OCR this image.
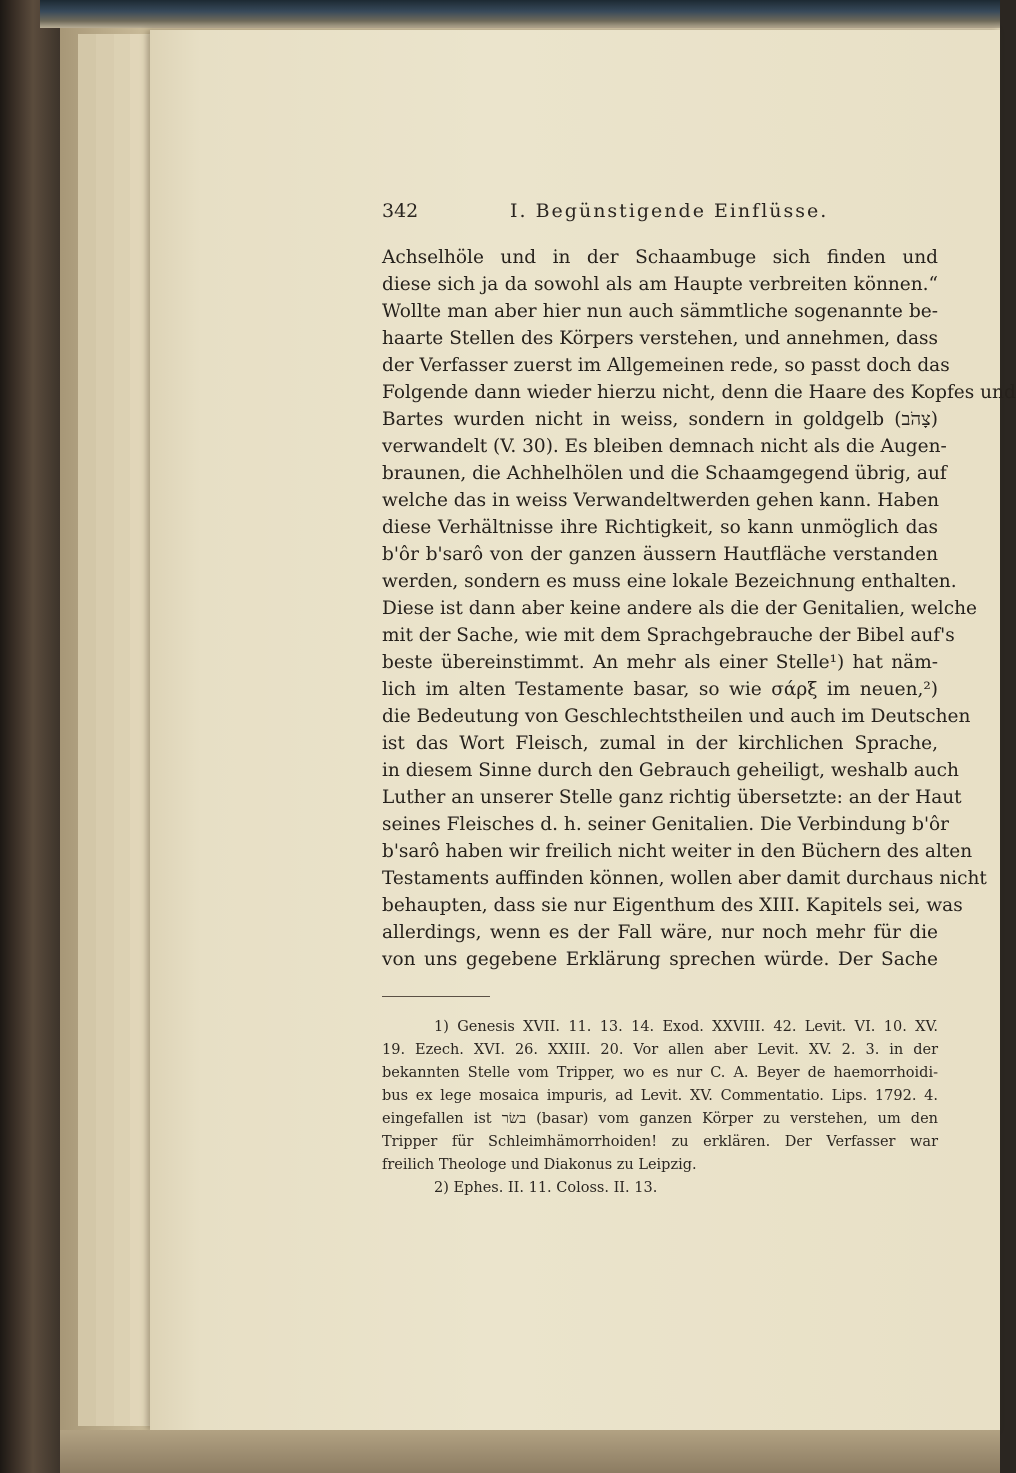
342	I. Begünstigende Einflüsse.
Achselhöle und in der Schaambuge sich finden und
diese sich ja da sowohl als am Haupte verbreiten können.“
Wollte man aber hier nun auch sämmtliche sogenannte be-
haarte Stellen des Körpers verstehen, und annehmen, dass
der Verfasser zuerst im Allgemeinen rede, so passt doch das
Folgende dann wieder hierzu nicht, denn die Haare des Kopfes und
Bartes wurden nicht in weiss, sondern in goldgelb (צָהֹב)
verwandelt (V. 30). Es bleiben demnach nicht als die Augen-
braunen, die Achhelhölen und die Schaamgegend übrig, auf
welche das in weiss Verwandeltwerden gehen kann. Haben
diese Verhältnisse ihre Richtigkeit, so kann unmöglich das
b'ôr b'sarô von der ganzen äussern Hautfläche verstanden
werden, sondern es muss eine lokale Bezeichnung enthalten.
Diese ist dann aber keine andere als die der Genitalien, welche
mit der Sache, wie mit dem Sprachgebrauche der Bibel auf's
beste übereinstimmt. An mehr als einer Stelle¹) hat näm-
lich im alten Testamente basar, so wie σάρξ im neuen,²)
die Bedeutung von Geschlechtstheilen und auch im Deutschen
ist das Wort Fleisch, zumal in der kirchlichen Sprache,
in diesem Sinne durch den Gebrauch geheiligt, weshalb auch
Luther an unserer Stelle ganz richtig übersetzte: an der Haut
seines Fleisches d. h. seiner Genitalien. Die Verbindung b'ôr
b'sarô haben wir freilich nicht weiter in den Büchern des alten
Testaments auffinden können, wollen aber damit durchaus nicht
behaupten, dass sie nur Eigenthum des XIII. Kapitels sei, was
allerdings, wenn es der Fall wäre, nur noch mehr für die
von uns gegebene Erklärung sprechen würde. Der Sache
1) Genesis XVII. 11. 13. 14. Exod. XXVIII. 42. Levit. VI. 10. XV.
19. Ezech. XVI. 26. XXIII. 20. Vor allen aber Levit. XV. 2. 3. in der
bekannten Stelle vom Tripper, wo es nur C. A. Beyer de haemorrhoidi-
bus ex lege mosaica impuris, ad Levit. XV. Commentatio. Lips. 1792. 4.
eingefallen ist בשׂר (basar) vom ganzen Körper zu verstehen, um den
Tripper für Schleimhämorrhoiden! zu erklären. Der Verfasser war
freilich Theologe und Diakonus zu Leipzig.
2) Ephes. II. 11. Coloss. II. 13.
